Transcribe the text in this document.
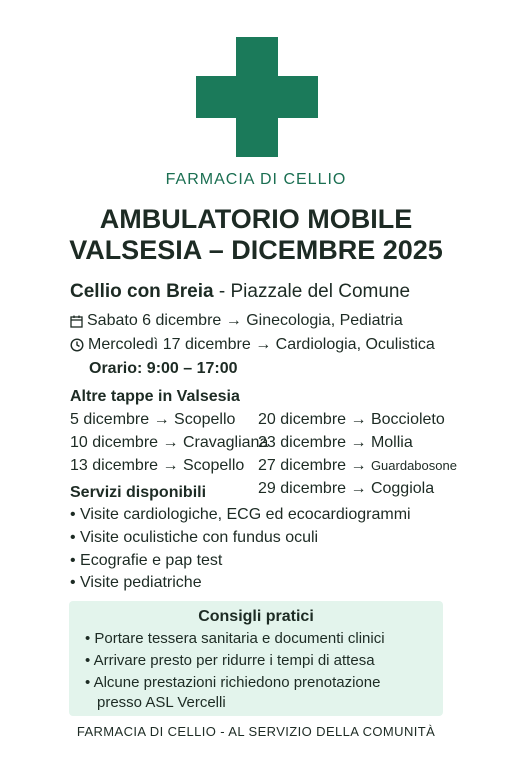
FARMACIA DI CELLIO
AMBULATORIO MOBILE
VALSESIA – DICEMBRE 2025
Cellio con Breia - Piazzale del Comune
Sabato 6 dicembre → Ginecologia, Pediatria
Mercoledì 17 dicembre → Cardiologia, Oculistica
Orario: 9:00 – 17:00
Altre tappe in Valsesia
5 dicembre → Scopello
10 dicembre → Cravagliana
13 dicembre → Scopello
20 dicembre → Boccioleto
23 dicembre → Mollia
27 dicembre → Guardabosone
29 dicembre → Coggiola
Servizi disponibili
• Visite cardiologiche, ECG ed ecocardiogrammi
• Visite oculistiche con fundus oculi
• Ecografie e pap test
• Visite pediatriche
Consigli pratici
• Portare tessera sanitaria e documenti clinici
• Arrivare presto per ridurre i tempi di attesa
• Alcune prestazioni richiedono prenotazione
presso ASL Vercelli
FARMACIA DI CELLIO - AL SERVIZIO DELLA COMUNITÀ
